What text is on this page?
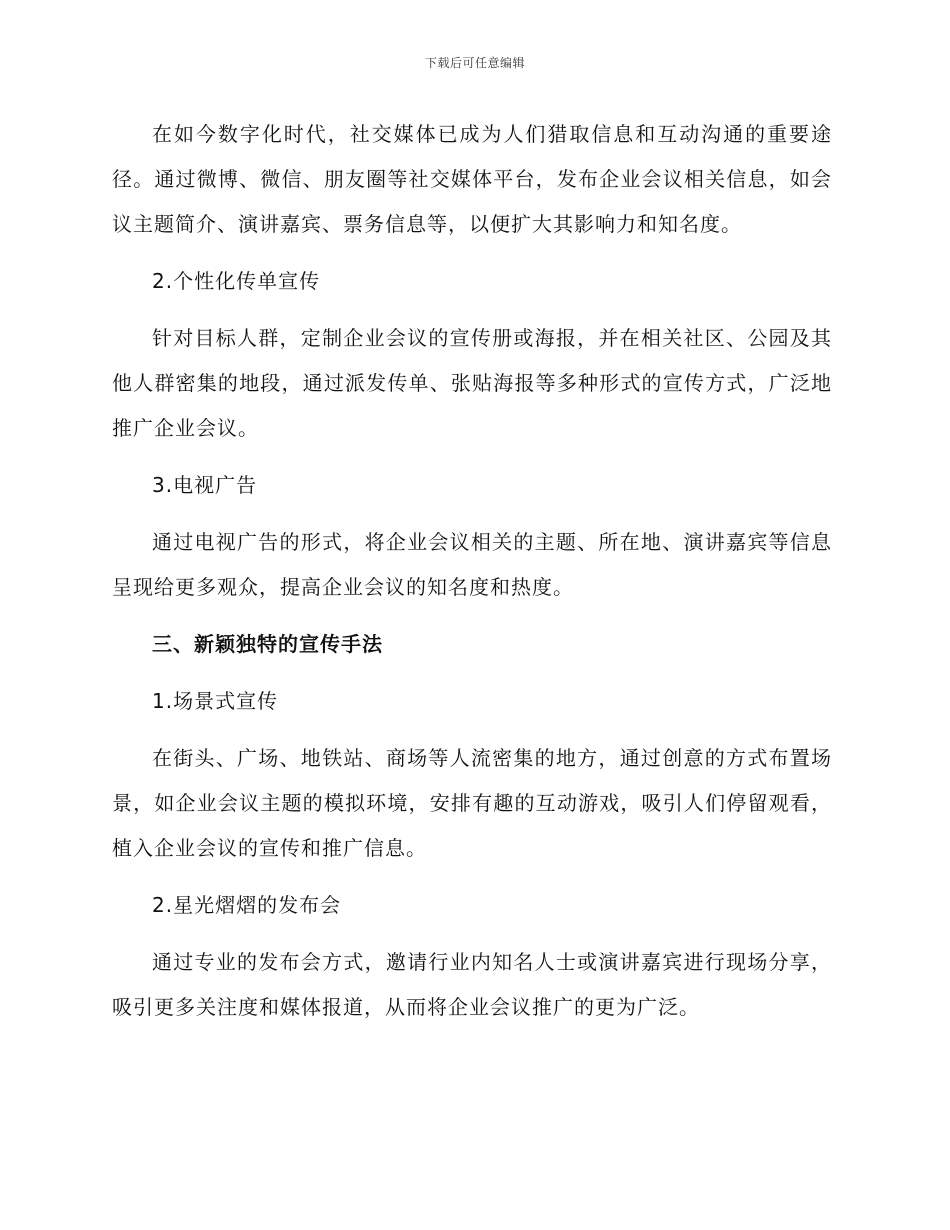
下载后可任意编辑

在如今数字化时代，社交媒体已成为人们猎取信息和互动沟通的重要途径。通过微博、微信、朋友圈等社交媒体平台，发布企业会议相关信息，如会议主题简介、演讲嘉宾、票务信息等，以便扩大其影响力和知名度。

2.个性化传单宣传

针对目标人群，定制企业会议的宣传册或海报，并在相关社区、公园及其他人群密集的地段，通过派发传单、张贴海报等多种形式的宣传方式，广泛地推广企业会议。

3.电视广告

通过电视广告的形式，将企业会议相关的主题、所在地、演讲嘉宾等信息呈现给更多观众，提高企业会议的知名度和热度。

三、新颖独特的宣传手法

1.场景式宣传

在街头、广场、地铁站、商场等人流密集的地方，通过创意的方式布置场景，如企业会议主题的模拟环境，安排有趣的互动游戏，吸引人们停留观看，植入企业会议的宣传和推广信息。

2.星光熠熠的发布会

通过专业的发布会方式，邀请行业内知名人士或演讲嘉宾进行现场分享，吸引更多关注度和媒体报道，从而将企业会议推广的更为广泛。
